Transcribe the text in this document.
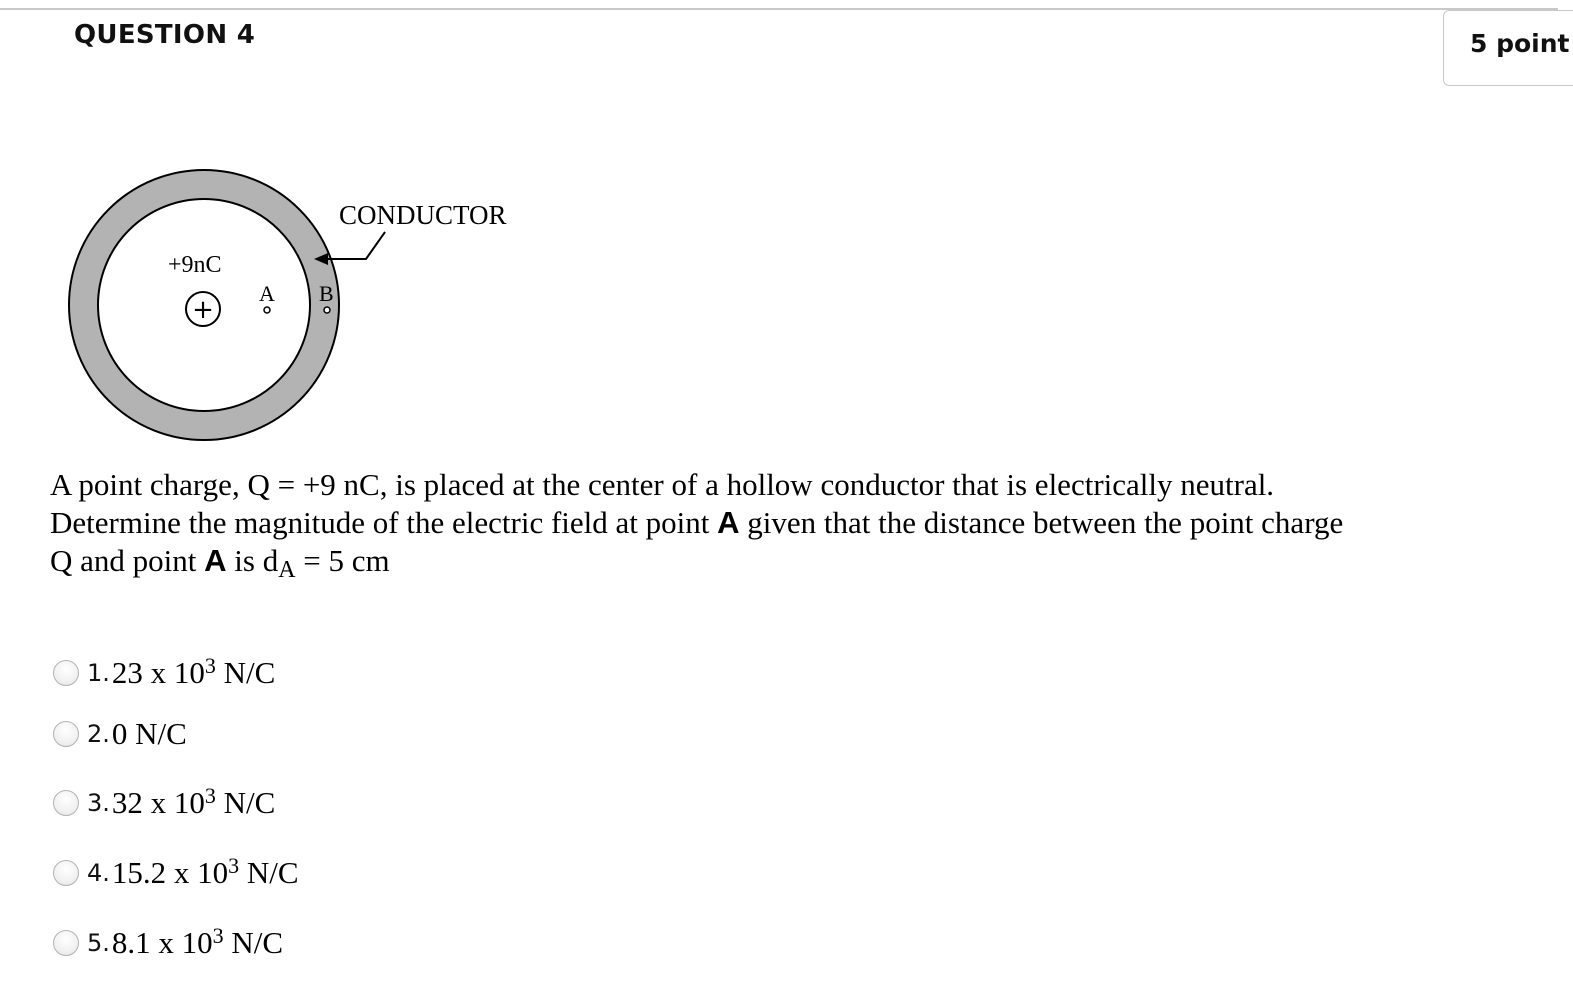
QUESTION 4	5 point
+
+9nC
A B
CONDUCTOR
A point charge, Q = +9 nC, is placed at the center of a hollow conductor that is electrically neutral.
Determine the magnitude of the electric field at point A given that the distance between the point charge
Q and point A is $d_A = 5$ cm
1. 23 x $10^3$ N/C
2. 0 N/C
3. 32 x $10^3$ N/C
4. 15.2 x $10^3$ N/C
5. 8.1 x $10^3$ N/C
